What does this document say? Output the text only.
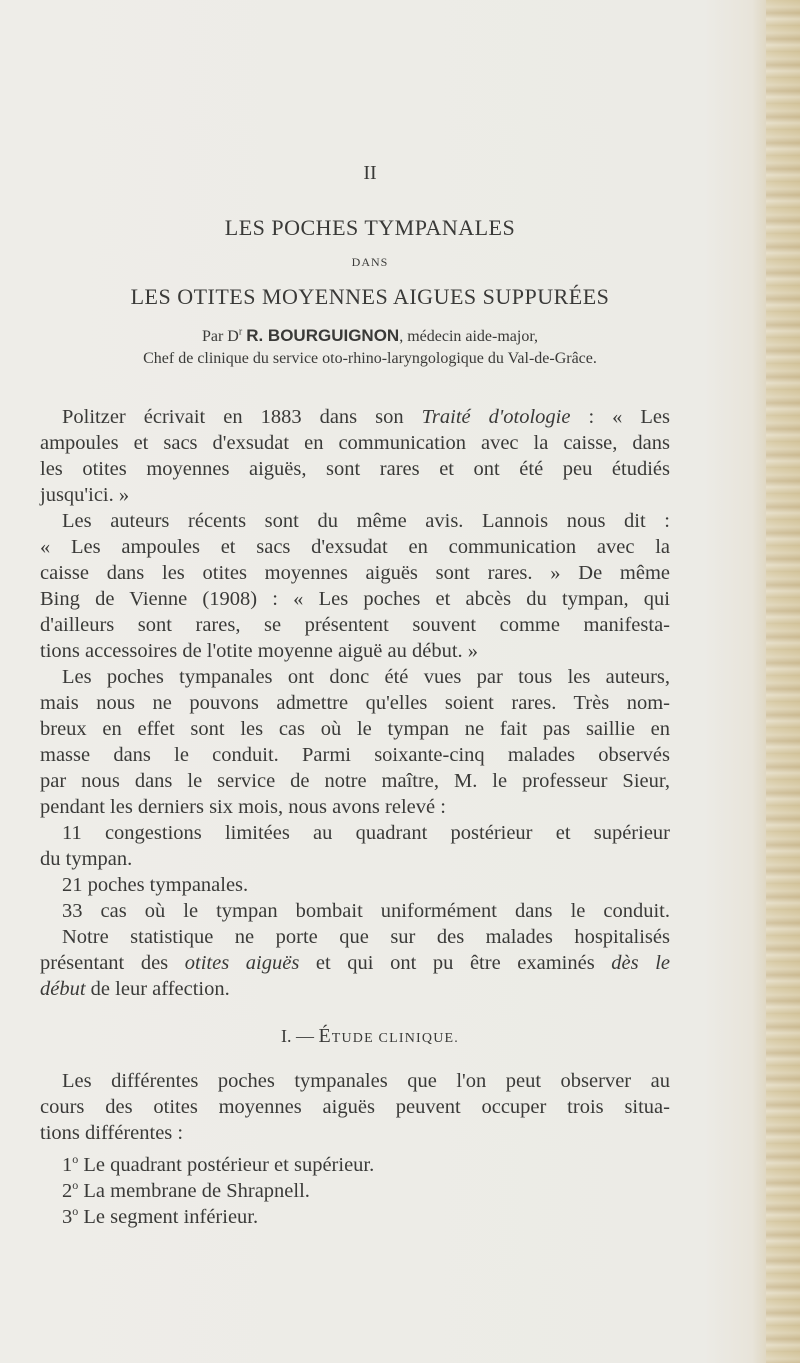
II
LES POCHES TYMPANALES
DANS
LES OTITES MOYENNES AIGUES SUPPURÉES
Par $D^r$ R. BOURGUIGNON, médecin aide-major,
Chef de clinique du service oto-rhino-laryngologique du Val-de-Grâce.
Politzer écrivait en 1883 dans son Traité d'otologie : « Les
ampoules et sacs d'exsudat en communication avec la caisse, dans
les otites moyennes aiguës, sont rares et ont été peu étudiés
jusqu'ici. »
Les auteurs récents sont du même avis. Lannois nous dit :
« Les ampoules et sacs d'exsudat en communication avec la
caisse dans les otites moyennes aiguës sont rares. » De même
Bing de Vienne (1908) : « Les poches et abcès du tympan, qui
d'ailleurs sont rares, se présentent souvent comme manifesta-
tions accessoires de l'otite moyenne aiguë au début. »
Les poches tympanales ont donc été vues par tous les auteurs,
mais nous ne pouvons admettre qu'elles soient rares. Très nom-
breux en effet sont les cas où le tympan ne fait pas saillie en
masse dans le conduit. Parmi soixante-cinq malades observés
par nous dans le service de notre maître, M. le professeur Sieur,
pendant les derniers six mois, nous avons relevé :
11 congestions limitées au quadrant postérieur et supérieur
du tympan.
21 poches tympanales.
33 cas où le tympan bombait uniformément dans le conduit.
Notre statistique ne porte que sur des malades hospitalisés
présentant des otites aiguës et qui ont pu être examinés dès le
début de leur affection.
I. — ÉTUDE CLINIQUE.
Les différentes poches tympanales que l'on peut observer au
cours des otites moyennes aiguës peuvent occuper trois situa-
tions différentes :
1$^o$ Le quadrant postérieur et supérieur.
2$^o$ La membrane de Shrapnell.
3$^o$ Le segment inférieur.
